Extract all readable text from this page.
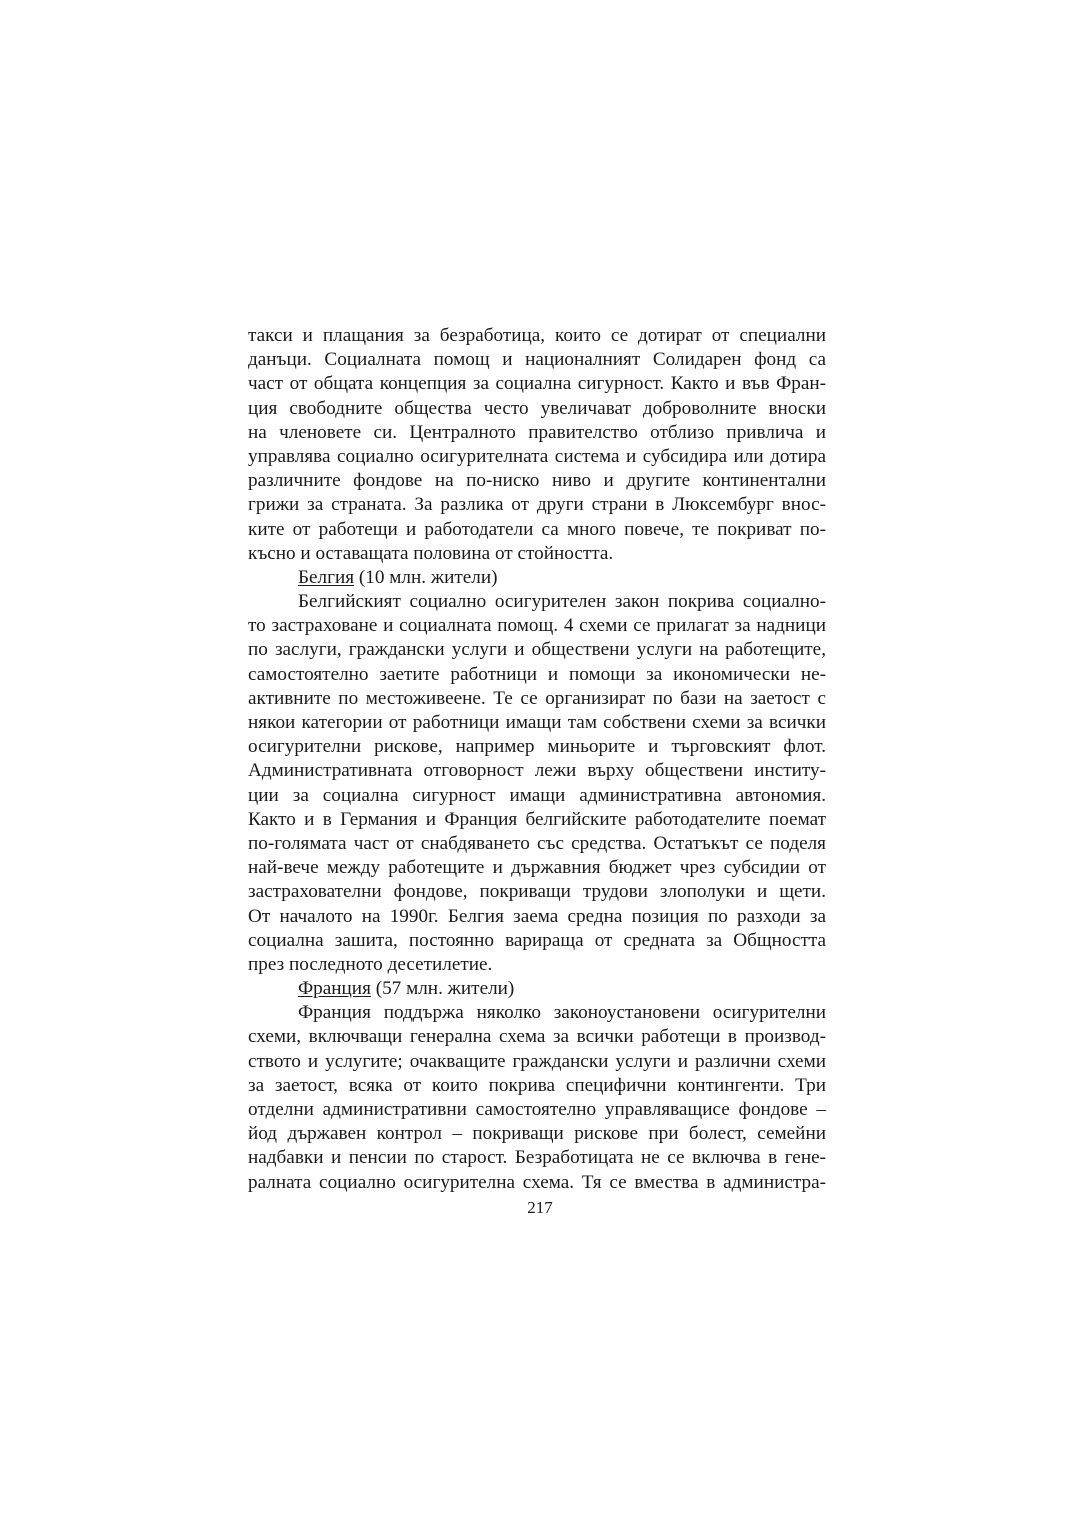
такси и плащания за безработица, които се дотират от специални
данъци. Социалната помощ и националният Солидарен фонд са
част от общата концепция за социална сигурност. Както и във Фран-
ция свободните общества често увеличават доброволните вноски
на членовете си. Централното правителство отблизо привлича и
управлява социално осигурителната система и субсидира или дотира
различните фондове на по-ниско ниво и другите континентални
грижи за страната. За разлика от други страни в Люксембург внос-
ките от работещи и работодатели са много повече, те покриват по-
късно и оставащата половина от стойността.
Белгия (10 млн. жители)
Белгийският социално осигурителен закон покрива социално-
то застраховане и социалната помощ. 4 схеми се прилагат за надници
по заслуги, граждански услуги и обществени услуги на работещите,
самостоятелно заетите работници и помощи за икономически не-
активните по местоживеене. Те се организират по бази на заетост с
някои категории от работници имащи там собствени схеми за всички
осигурителни рискове, например миньорите и търговският флот.
Административната отговорност лежи върху обществени институ-
ции за социална сигурност имащи административна автономия.
Както и в Германия и Франция белгийските работодателите поемат
по-голямата част от снабдяването със средства. Остатъкът се поделя
най-вече между работещите и държавния бюджет чрез субсидии от
застрахователни фондове, покриващи трудови злополуки и щети.
От началото на 1990г. Белгия заема средна позиция по разходи за
социална зашита, постоянно варираща от средната за Общността
през последното десетилетие.
Франция (57 млн. жители)
Франция поддържа няколко законоустановени осигурителни
схеми, включващи генерална схема за всички работещи в производ-
ството и услугите; очакващите граждански услуги и различни схеми
за заетост, всяка от които покрива специфични контингенти. Три
отделни административни самостоятелно управляващисе фондове –
йод държавен контрол – покриващи рискове при болест, семейни
надбавки и пенсии по старост. Безработицата не се включва в гене-
ралната социално осигурителна схема. Тя се вмества в администра-
217
